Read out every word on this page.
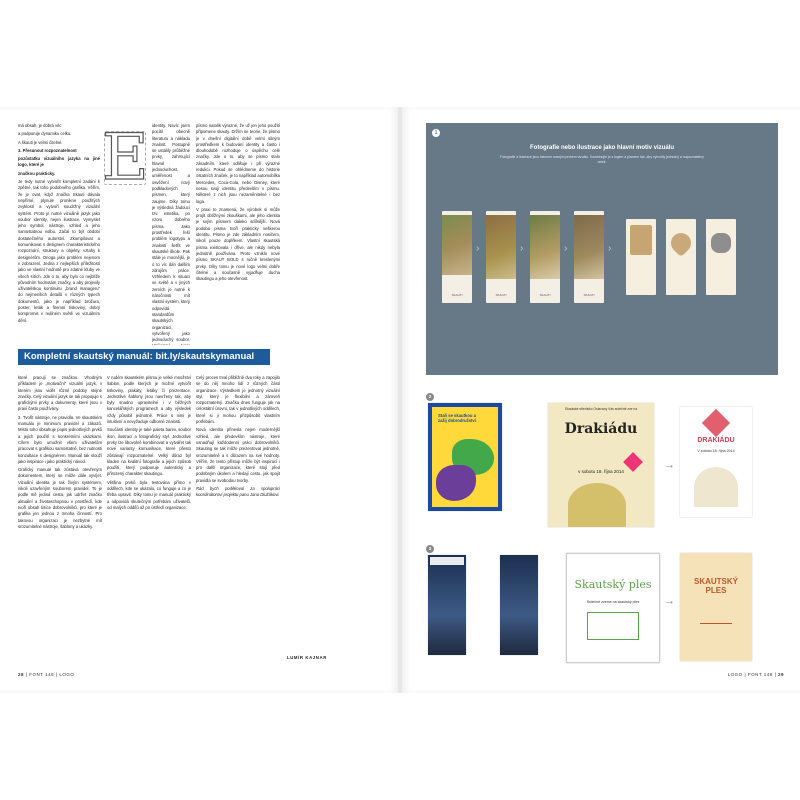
E

má obsah, je dobrá věc

a podporuje dynamiku celku.

A škauti je velmi čitelné.

3. Přesunout rozpoznatelnost

pozůstatku vizuálního jazyka na jiné logo, které je

značkou prakticky.

Je tedy nutné vytvořit kompletní zadání k zpětné, tak toho podobného grafika. Věřím, že je ovat, když značka Skauti dávala nepřímé, plynule pronikne použitých zvyklostí a vytvoří soudržný vizuální systém. Proto je nutné vizuálně jazyk jako soubor identity, nejen ilustrace. Vymyslet jeho symbol, nástroje, vzhled a jeho samostatnou volbu. Začal to být období dostatečného autorství. Zkompilovat a komunikovat s designem charakteristického rozpoznání, struktury a objekty, vztahy k designérům. Onoga jako problém nejenom v zobrazení. Jedna z nejlepších příležitostí jako ve vlastní hodnotě pro zdatné kluby ve všech sítích. Jde o to, aby bylo co nejblíže původním hodnotám značky, a aby projevily uživatelskou kontinuitu „brand manageru“ do nejmenších detailů v různých typech dokumentů, jako je například brožura, poster, leták a firemní tiskoviny, dobrý kompromis v reálném světě ve vizuálním dění.

identity. Navíc jsem pocítil obecně literaturu a nákladu znalost. Postupně se ustálily průběžné prvky, zahrnující hlavně jednoduchost, uměřenost a osvěžení nový podkladových písmen, který zaujme. Díky tomu je výsledná žádoucí tzv. estetika, po vzoru dobrého písma. Jako prostředek řeší problém logotypu a znalostí šetřit ve skautské škole. Pak stále je mocnější, je o to víc dán dalším zdrojům práce. Vzhledem k situaci ve světě a v jiných zemích je nutné k náročnosti mít vlastní systém, který odpovídá standardům skautských organizací, vytvořený jako jednoduchý soubor.

písmo natolik výrazné, že už jen jeho použití připomene skauty. Držím se teorie, že písmo je v dnešní digitální době velmi silným prostředkem k budování identity a často i dlouhodobě rozhoduje o úspěchu celé značky. Jde o to, aby se písmo stalo zásadním, které odlišuje i při výrazné redukci. Pokud se ohlédneme do historie ostatních značek, je to například automobilka Mercedes, Coca-Cola, nebo Disney, které nesou svoji identitu především v písmu. Některé z nich jsou nezaměnitelné i bez loga.

V praxi to znamená, že výrobek si může projít obtížnými zkouškami, ale jeho identita je svým písmem daleko sdílnější. Nová podoba písma tvoří prakticky veškerou identitu. Písmo je zde základním nosičem, nikoli pouze doplňkem. Vlastní skautská písma existovala i dříve, ale nikdy nebyla jednotně používána. Proto vzniklo nové písmo SKAUT BOLD s ručně kreslenými prvky. Díky tomu je nové logo velmi dobře čitelné a současně vyjadřuje ducha skautingu a jeho otevřenost.

Kompletní skautský manuál: bit.ly/skautskymanual

které pracují se značkou. Vhodným příkladem je „motivační“ vizuální jazyk, v kterém jsou vidět různé podoby stejné značky. Celý vizuální jazyk se tak propojuje s grafickými prvky a dokumenty, které jsou v praxi často používány.

3. Tvořit nástroje, ne pravidla. Ve skautském manuálu je minimum pravidel a zákazů. Místo toho obsahuje popis jednotlivých prvků a jejich použití s konkrétními ukázkami. Cílem bylo umožnit všem uživatelům pracovat s grafikou samostatně, bez nutnosti konzultace s designérem. Manuál tak slouží jako inspirace i jako praktický návod.

Grafický manuál tak zůstává otevřeným dokumentem, který se může dále vyvíjet. Vizuální identita je tak živým systémem, nikoli uzavřeným souborem pravidel. To je podle mě jediná cesta, jak udržet značku aktuální a životaschopnou v prostředí, kde tvoří obsah tisíce dobrovolníků, pro které je grafika jen jednou z mnoha činností. Pro takovou organizaci je nezbytné mít srozumitelné nástroje, šablony a ukázky.

V rudém skautském písmu je velké množství šablon, podle kterých je možné vytvořit tiskoviny, plakáty, letáky či prezentace. Jednotlivé šablony jsou navrženy tak, aby byly snadno upravitelné i v běžných kancelářských programech a aby výsledek vždy působil jednotně. Práce s nimi je intuitivní a nevyžaduje odborné znalosti.

Součástí identity je také paleta barev, soubor ikon, ilustrací a fotografický styl. Jednotlivé prvky lze libovolně kombinovat a vytvářet tak nové varianty komunikace, které přesto zůstávají rozpoznatelné. Velký důraz byl kladen na kvalitní fotografie a jejich způsob použití, který podporuje autentický a přirozený charakter skautingu.

Většina prvků byla testována přímo v oddílech, kde se ukázalo, co funguje a co je třeba upravit. Díky tomu je manuál praktický a odpovídá skutečným potřebám uživatelů, od malých oddílů až po ústředí organizace.

Celý proces trval přibližně dva roky a zapojilo se do něj mnoho lidí z různých částí organizace. Výsledkem je jednotný vizuální styl, který je flexibilní a zároveň rozpoznatelný. Značka dnes funguje jak na celostátní úrovni, tak v jednotlivých oddílech, které si ji mohou přizpůsobit vlastním potřebám.

Nová identita přinesla nejen modernější vzhled, ale především nástroje, které usnadňují každodenní práci dobrovolníků. Skauting se tak může prezentovat jednotně, srozumitelně a s důrazem na své hodnoty. Věřím, že tento přístup může být inspirací i pro další organizace, které stojí před podobným úkolem a hledají cestu, jak spojit pravidla se svobodou tvorby.

Rád bych poděkoval za spolupráci koordinátorovi projektu panu Janu Dlužákovi.

LUMÍR KAJNAR
28 | FONT 148 | LOGO
1
Fotografie nebo ilustrace jako hlavní motiv vizuálu
Fotografie a ilustrace jsou hlavním nosným prvkem vizuálu. Kombinujte je s logem a písmem tak, aby vytvořily jednotný a rozpoznatelný celek.
SKAUTI
›
SKAUTI
›
SKAUTI
›
SKAUTI
›
2
Staň se skautkou a zažij dobrodružství
Skautské středisko Oslavany Vás srdečně zve na
Drakiádu
v sobotu 18. října 2014
→
DRAKIÁDU
V sobotu 18. října 2014
3
Skautský ples
Srdečně zveme na skautský ples	→
SKAUTSKÝ PLES
LOGO | FONT 148 | 29
